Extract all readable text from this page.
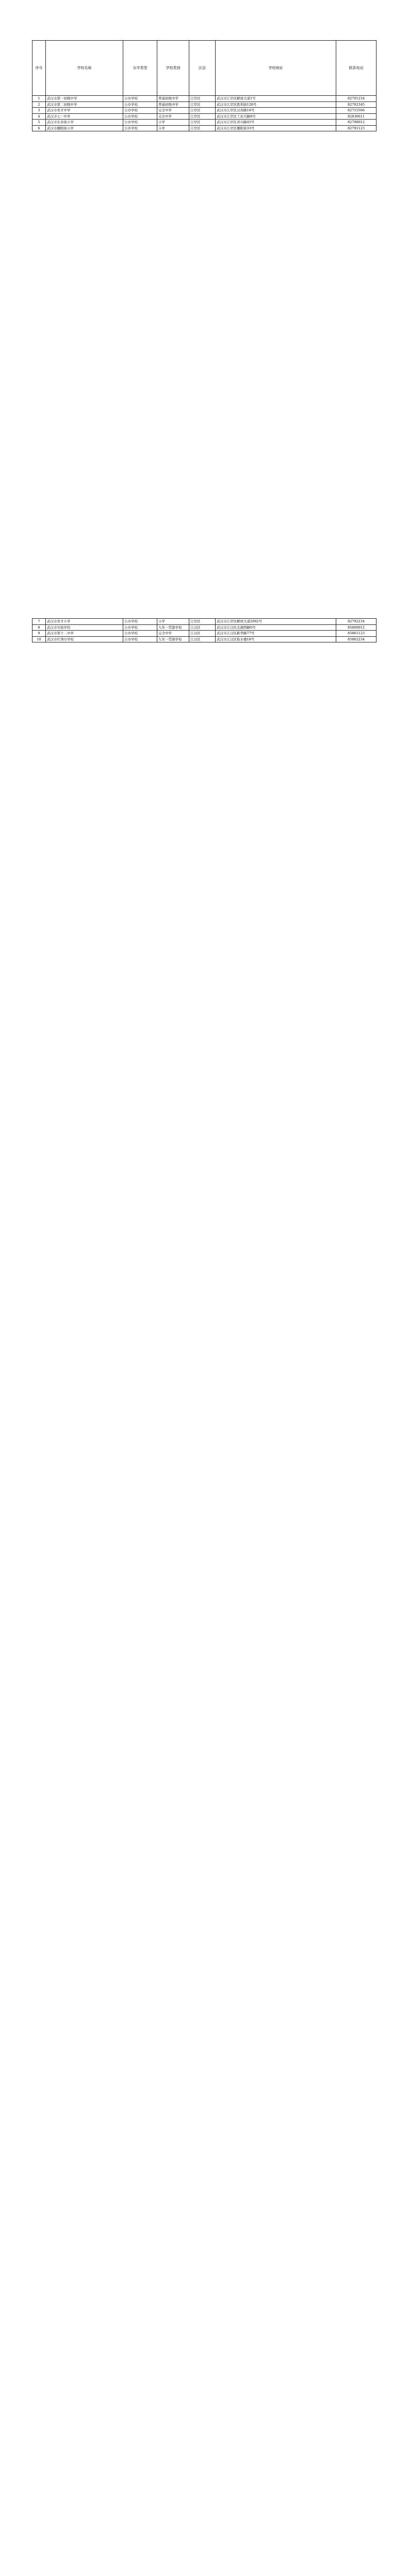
序号	学校名称	办学类型	学校类别	区县	学校地址	联系电话
1	武汉市第一初级中学	公办学校	普通初级中学	江岸区	武汉市江岸区解放大道1号	82701234
2	武汉市第二初级中学	公办学校	普通初级中学	江岸区	武汉市江岸区胜利街128号	82702345
3	武汉市育才中学	公办学校	完全中学	江岸区	武汉市江岸区汉黄路18号	82715566
4	武汉市七一中学	公办学校	完全中学	江岸区	武汉市江岸区工农兵路8号	82836611
5	武汉市长春街小学	公办学校	小学	江岸区	武汉市江岸区黄兴路45号	82790012
6	武汉市鄱阳街小学	公办学校	小学	江岸区	武汉市江岸区鄱阳街33号	82791123
7	武汉市育才小学	公办学校	小学	江岸区	武汉市江岸区解放大道2002号	82792234
8	武汉市实验学校	公办学校	九年一贯制学校	江汉区	武汉市江汉区北湖西路6号	85860012
9	武汉市第十二中学	公办学校	完全中学	江汉区	武汉市江汉区新华路77号	85861123
10	武汉市红领巾学校	公办学校	九年一贯制学校	江汉区	武汉市江汉区取水楼18号	85862234
